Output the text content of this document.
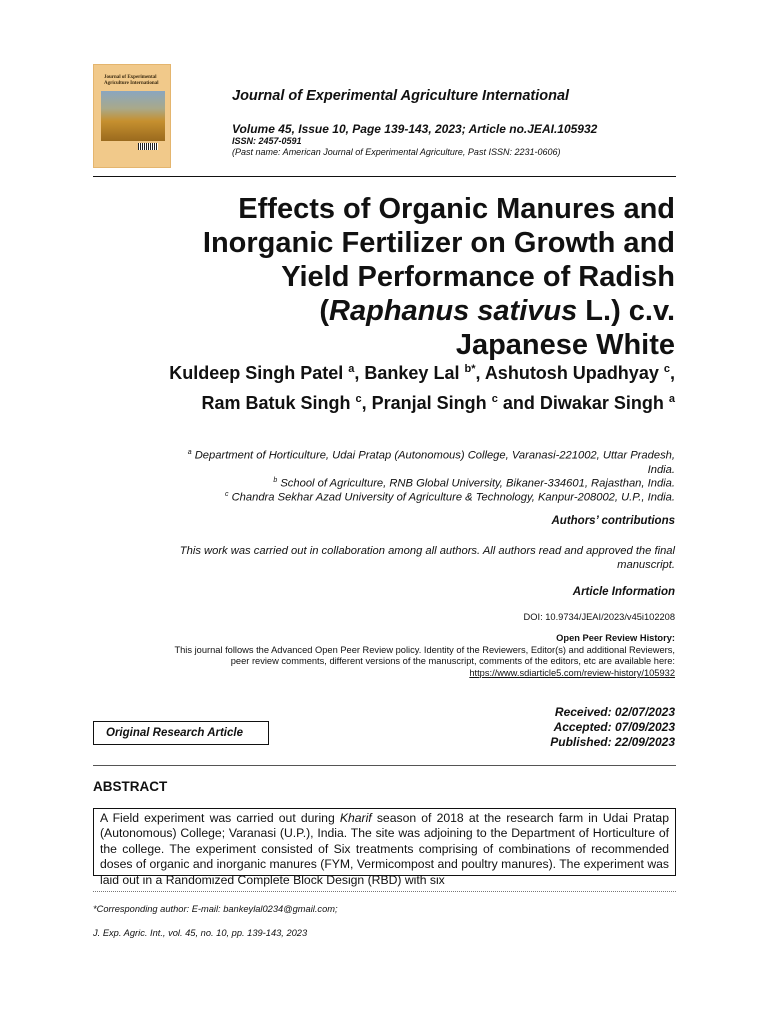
Journal of Experimental Agriculture International
Journal of Experimental Agriculture International
Volume 45, Issue 10, Page 139-143, 2023; Article no.JEAI.105932
ISSN: 2457-0591
(Past name: American Journal of Experimental Agriculture, Past ISSN: 2231-0606)
Effects of Organic Manures and
Inorganic Fertilizer on Growth and
Yield Performance of Radish
(Raphanus sativus L.) c.v.
Japanese White
Kuldeep Singh Patel $^a$, Bankey Lal $^{b*}$, Ashutosh Upadhyay $^c$,
Ram Batuk Singh $^c$, Pranjal Singh $^c$ and Diwakar Singh $^a$
$^a$ Department of Horticulture, Udai Pratap (Autonomous) College, Varanasi-221002, Uttar Pradesh,
India.
$^b$ School of Agriculture, RNB Global University, Bikaner-334601, Rajasthan, India.
$^c$ Chandra Sekhar Azad University of Agriculture & Technology, Kanpur-208002, U.P., India.
Authors’ contributions
This work was carried out in collaboration among all authors. All authors read and approved the final
manuscript.
Article Information
DOI: 10.9734/JEAI/2023/v45i102208
Open Peer Review History:
This journal follows the Advanced Open Peer Review policy. Identity of the Reviewers, Editor(s) and additional Reviewers,
peer review comments, different versions of the manuscript, comments of the editors, etc are available here:
https://www.sdiarticle5.com/review-history/105932
Original Research Article
Received: 02/07/2023
Accepted: 07/09/2023
Published: 22/09/2023
ABSTRACT
A Field experiment was carried out during Kharif season of 2018 at the research farm in Udai Pratap (Autonomous) College; Varanasi (U.P.), India. The site was adjoining to the Department of Horticulture of the college. The experiment consisted of Six treatments comprising of combinations of recommended doses of organic and inorganic manures (FYM, Vermicompost and poultry manures). The experiment was laid out in a Randomized Complete Block Design (RBD) with six
*Corresponding author: E-mail: bankeylal0234@gmail.com;
J. Exp. Agric. Int., vol. 45, no. 10, pp. 139-143, 2023
